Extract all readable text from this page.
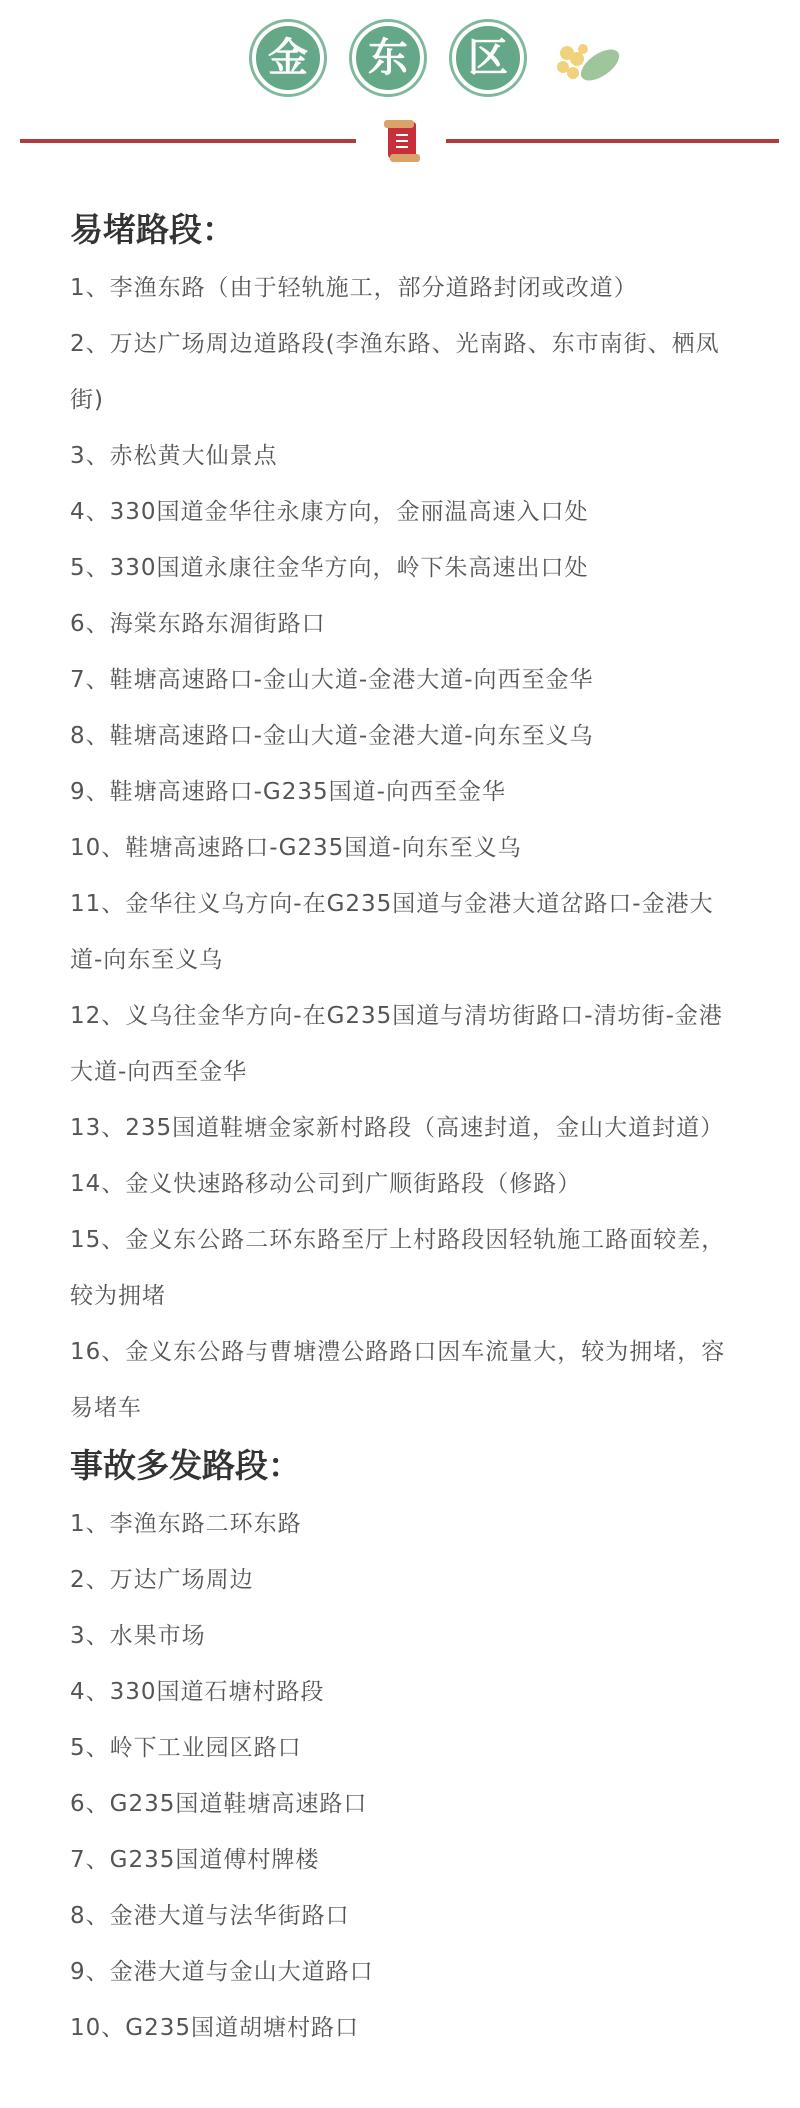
金	东	区
易堵路段：

1、李渔东路（由于轻轨施工，部分道路封闭或改道）

2、万达广场周边道路段(李渔东路、光南路、东市南街、栖凤街)

3、赤松黄大仙景点

4、330国道金华往永康方向，金丽温高速入口处

5、330国道永康往金华方向，岭下朱高速出口处

6、海棠东路东湄街路口

7、鞋塘高速路口-金山大道-金港大道-向西至金华

8、鞋塘高速路口-金山大道-金港大道-向东至义乌

9、鞋塘高速路口-G235国道-向西至金华

10、鞋塘高速路口-G235国道-向东至义乌

11、金华往义乌方向-在G235国道与金港大道岔路口-金港大道-向东至义乌

12、义乌往金华方向-在G235国道与清坊街路口-清坊街-金港大道-向西至金华

13、235国道鞋塘金家新村路段（高速封道，金山大道封道）

14、金义快速路移动公司到广顺街路段（修路）

15、金义东公路二环东路至厅上村路段因轻轨施工路面较差，较为拥堵

16、金义东公路与曹塘澧公路路口因车流量大，较为拥堵，容易堵车

事故多发路段：

1、李渔东路二环东路

2、万达广场周边

3、水果市场

4、330国道石塘村路段

5、岭下工业园区路口

6、G235国道鞋塘高速路口

7、G235国道傅村牌楼

8、金港大道与法华街路口

9、金港大道与金山大道路口

10、G235国道胡塘村路口
